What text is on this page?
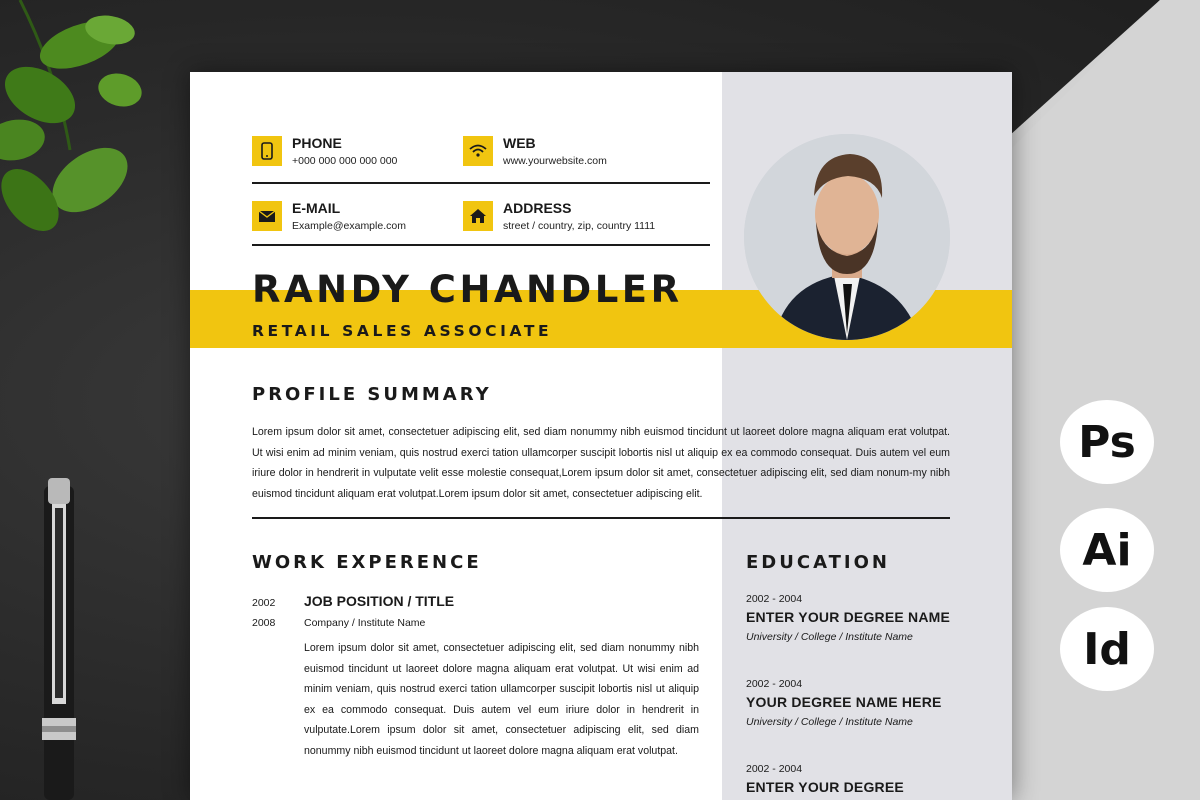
PHONE
+000 000 000 000 000
WEB
www.yourwebsite.com
E-MAIL
Example@example.com
ADDRESS
street / country, zip, country 1111
RANDY CHANDLER
RETAIL SALES ASSOCIATE
PROFILE SUMMARY
Lorem ipsum dolor sit amet, consectetuer adipiscing elit, sed diam nonummy nibh euismod tincidunt ut laoreet dolore magna aliquam erat volutpat. Ut wisi enim ad minim veniam, quis nostrud exerci tation ullamcorper suscipit lobortis nisl ut aliquip ex ea commodo consequat. Duis autem vel eum iriure dolor in hendrerit in vulputate velit esse molestie consequat,Lorem ipsum dolor sit amet, consectetuer adipiscing elit, sed diam nonum-my nibh euismod tincidunt aliquam erat volutpat.Lorem ipsum dolor sit amet, consectetuer adipiscing elit.
WORK EXPERENCE
2002
2008
JOB POSITION / TITLE
Company / Institute Name
Lorem ipsum dolor sit amet, consectetuer adipiscing elit, sed diam nonummy nibh euismod tincidunt ut laoreet dolore magna aliquam erat volutpat. Ut wisi enim ad minim veniam, quis nostrud exerci tation ullamcorper suscipit lobortis nisl ut aliquip ex ea commodo consequat. Duis autem vel eum iriure dolor in hendrerit in vulputate.Lorem ipsum dolor sit amet, consectetuer adipiscing elit, sed diam nonummy nibh euismod tincidunt ut laoreet dolore magna aliquam erat volutpat.
EDUCATION
2002 - 2004
ENTER YOUR DEGREE NAME
University / College / Institute Name
2002 - 2004
YOUR DEGREE NAME HERE
University / College / Institute Name
2002 - 2004
ENTER YOUR DEGREE
Ps
Ai
Id
